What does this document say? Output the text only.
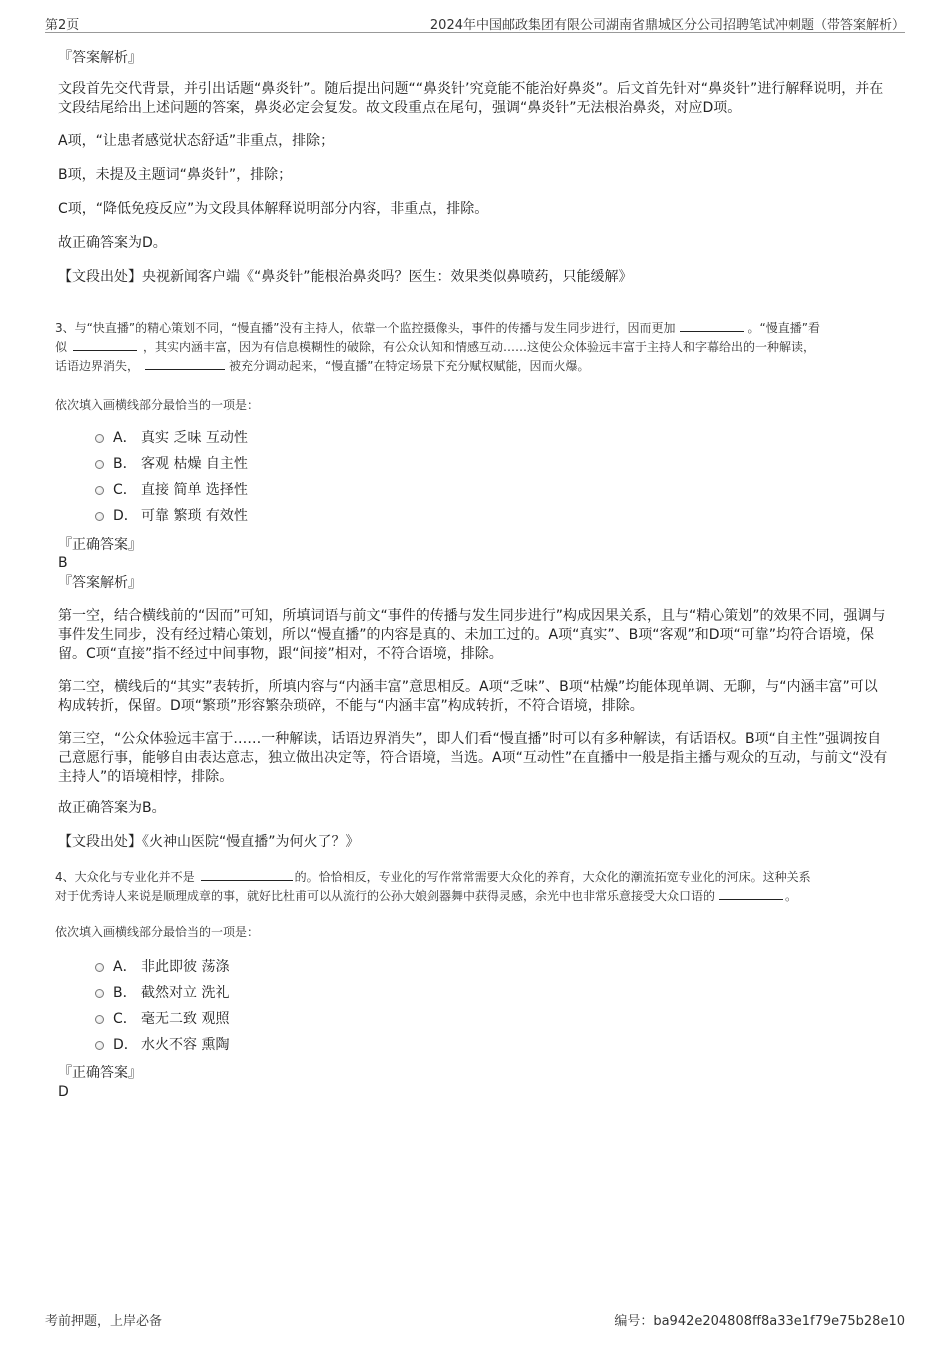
第2页	2024年中国邮政集团有限公司湖南省鼎城区分公司招聘笔试冲刺题（带答案解析）
『答案解析』
文段首先交代背景，并引出话题“鼻炎针”。随后提出问题““鼻炎针’究竟能不能治好鼻炎”。后文首先针对“鼻炎针”进行解释说明，并在文段结尾给出上述问题的答案，鼻炎必定会复发。故文段重点在尾句，强调“鼻炎针”无法根治鼻炎，对应D项。
A项，“让患者感觉状态舒适”非重点，排除；
B项，未提及主题词“鼻炎针”，排除；
C项，“降低免疫反应”为文段具体解释说明部分内容，非重点，排除。
故正确答案为D。
【文段出处】央视新闻客户端《“鼻炎针”能根治鼻炎吗？医生：效果类似鼻喷药，只能缓解》
3、与“快直播”的精心策划不同，“慢直播”没有主持人，依靠一个监控摄像头，事件的传播与发生同步进行，因而更加	。“慢直播”看
似	，其实内涵丰富，因为有信息模糊性的破除，有公众认知和情感互动……这使公众体验远丰富于主持人和字幕给出的一种解读，
话语边界消失，	被充分调动起来，“慢直播”在特定场景下充分赋权赋能，因而火爆。
依次填入画横线部分最恰当的一项是：
A． 真实 乏味 互动性
B． 客观 枯燥 自主性
C． 直接 简单 选择性
D． 可靠 繁琐 有效性
『正确答案』
B
『答案解析』
第一空，结合横线前的“因而”可知，所填词语与前文“事件的传播与发生同步进行”构成因果关系，且与“精心策划”的效果不同，强调与事件发生同步，没有经过精心策划，所以“慢直播”的内容是真的、未加工过的。A项“真实”、B项“客观”和D项“可靠”均符合语境，保留。C项“直接”指不经过中间事物，跟“间接”相对，不符合语境，排除。
第二空，横线后的“其实”表转折，所填内容与“内涵丰富”意思相反。A项“乏味”、B项“枯燥”均能体现单调、无聊，与“内涵丰富”可以构成转折，保留。D项“繁琐”形容繁杂琐碎，不能与“内涵丰富”构成转折，不符合语境，排除。
第三空，“公众体验远丰富于……一种解读，话语边界消失”，即人们看“慢直播”时可以有多种解读，有话语权。B项“自主性”强调按自己意愿行事，能够自由表达意志，独立做出决定等，符合语境，当选。A项“互动性”在直播中一般是指主播与观众的互动，与前文“没有主持人”的语境相悖，排除。
故正确答案为B。
【文段出处】《火神山医院“慢直播”为何火了？》
4、大众化与专业化并不是	的。恰恰相反，专业化的写作常常需要大众化的养育，大众化的潮流拓宽专业化的河床。这种关系
对于优秀诗人来说是顺理成章的事，就好比杜甫可以从流行的公孙大娘剑器舞中获得灵感，余光中也非常乐意接受大众口语的	。
依次填入画横线部分最恰当的一项是：
A． 非此即彼 荡涤
B． 截然对立 洗礼
C． 毫无二致 观照
D． 水火不容 熏陶
『正确答案』
D
考前押题，上岸必备	编号：ba942e204808ff8a33e1f79e75b28e10
